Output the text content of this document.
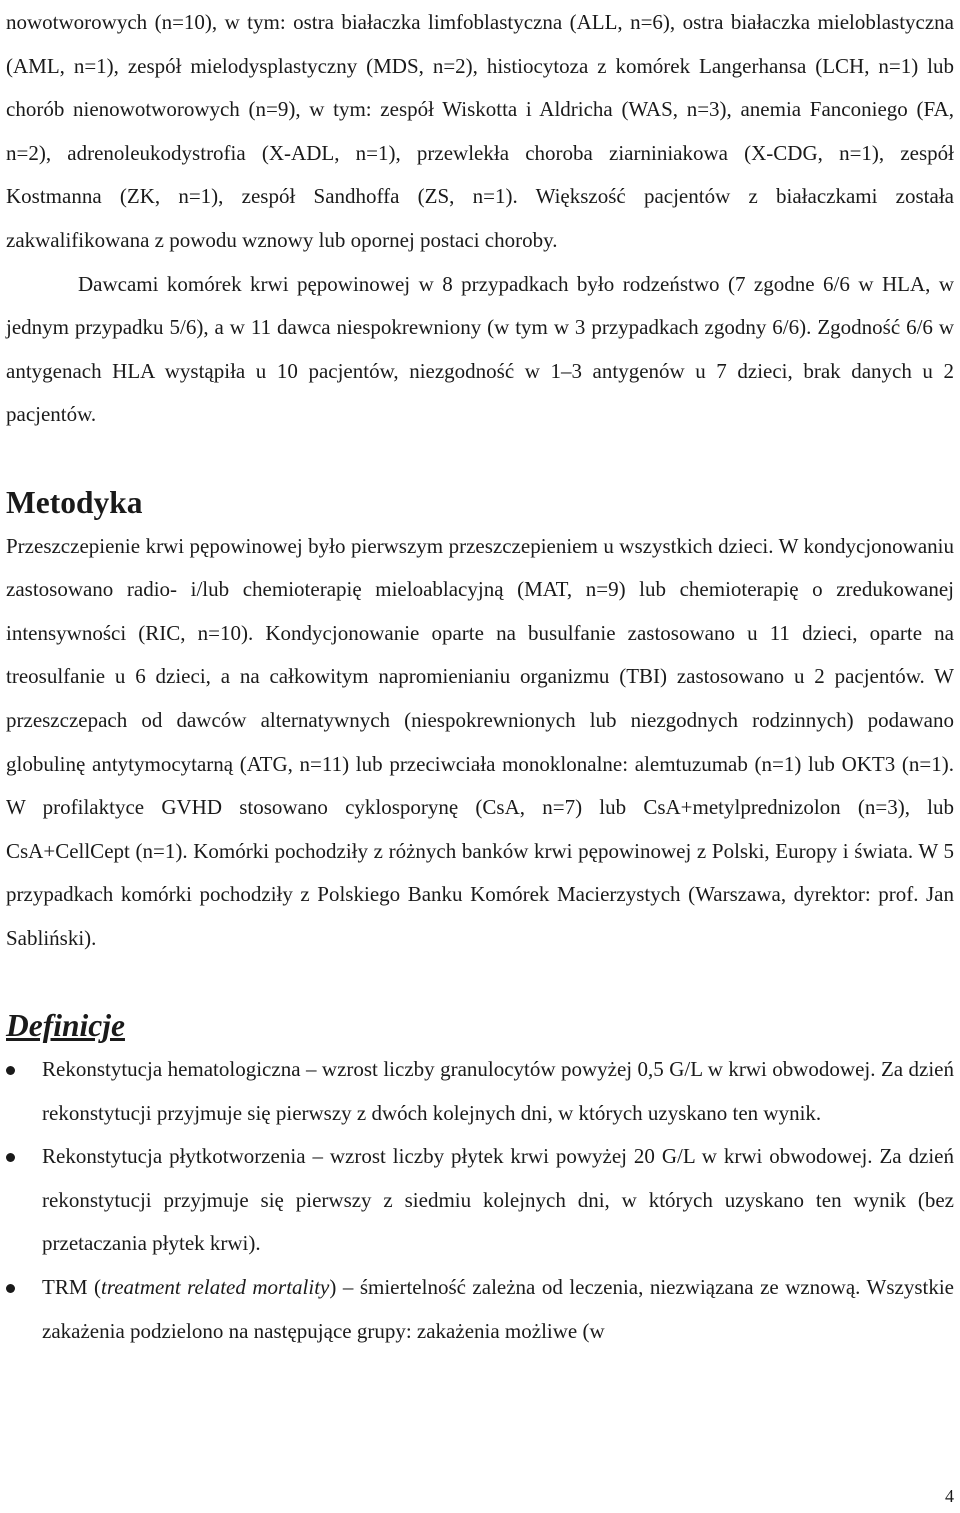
nowotworowych (n=10), w tym: ostra białaczka limfoblastyczna (ALL, n=6), ostra białaczka mieloblastyczna (AML, n=1), zespół mielodysplastyczny (MDS, n=2), histiocytoza z komórek Langerhansa (LCH, n=1) lub chorób nienowotworowych (n=9), w tym: zespół Wiskotta i Aldricha (WAS, n=3), anemia Fanconiego (FA, n=2), adrenoleukodystrofia (X-ADL, n=1), przewlekła choroba ziarniniakowa (X-CDG, n=1), zespół Kostmanna (ZK, n=1), zespół Sandhoffa (ZS, n=1). Większość pacjentów z białaczkami została zakwalifikowana z powodu wznowy lub opornej postaci choroby.

Dawcami komórek krwi pępowinowej w 8 przypadkach było rodzeństwo (7 zgodne 6/6 w HLA, w jednym przypadku 5/6), a w 11 dawca niespokrewniony (w tym w 3 przypadkach zgodny 6/6). Zgodność 6/6 w antygenach HLA wystąpiła u 10 pacjentów, niezgodność w 1–3 antygenów u 7 dzieci, brak danych u 2 pacjentów.

Metodyka

Przeszczepienie krwi pępowinowej było pierwszym przeszczepieniem u wszystkich dzieci. W kondycjonowaniu zastosowano radio- i/lub chemioterapię mieloablacyjną (MAT, n=9) lub chemioterapię o zredukowanej intensywności (RIC, n=10). Kondycjonowanie oparte na busulfanie zastosowano u 11 dzieci, oparte na treosulfanie u 6 dzieci, a na całkowitym napromienianiu organizmu (TBI) zastosowano u 2 pacjentów. W przeszczepach od dawców alternatywnych (niespokrewnionych lub niezgodnych rodzinnych) podawano globulinę antytymocytarną (ATG, n=11) lub przeciwciała monoklonalne: alemtuzumab (n=1) lub OKT3 (n=1). W profilaktyce GVHD stosowano cyklosporynę (CsA, n=7) lub CsA+metylprednizolon (n=3), lub CsA+CellCept (n=1). Komórki pochodziły z różnych banków krwi pępowinowej z Polski, Europy i świata. W 5 przypadkach komórki pochodziły z Polskiego Banku Komórek Macierzystych (Warszawa, dyrektor: prof. Jan Sabliński).

Definicje
Rekonstytucja hematologiczna – wzrost liczby granulocytów powyżej 0,5 G/L w krwi obwodowej. Za dzień rekonstytucji przyjmuje się pierwszy z dwóch kolejnych dni, w których uzyskano ten wynik.
Rekonstytucja płytkotworzenia – wzrost liczby płytek krwi powyżej 20 G/L w krwi obwodowej. Za dzień rekonstytucji przyjmuje się pierwszy z siedmiu kolejnych dni, w których uzyskano ten wynik (bez przetaczania płytek krwi).
TRM (treatment related mortality) – śmiertelność zależna od leczenia, niezwiązana ze wznową. Wszystkie zakażenia podzielono na następujące grupy: zakażenia możliwe (w
4
